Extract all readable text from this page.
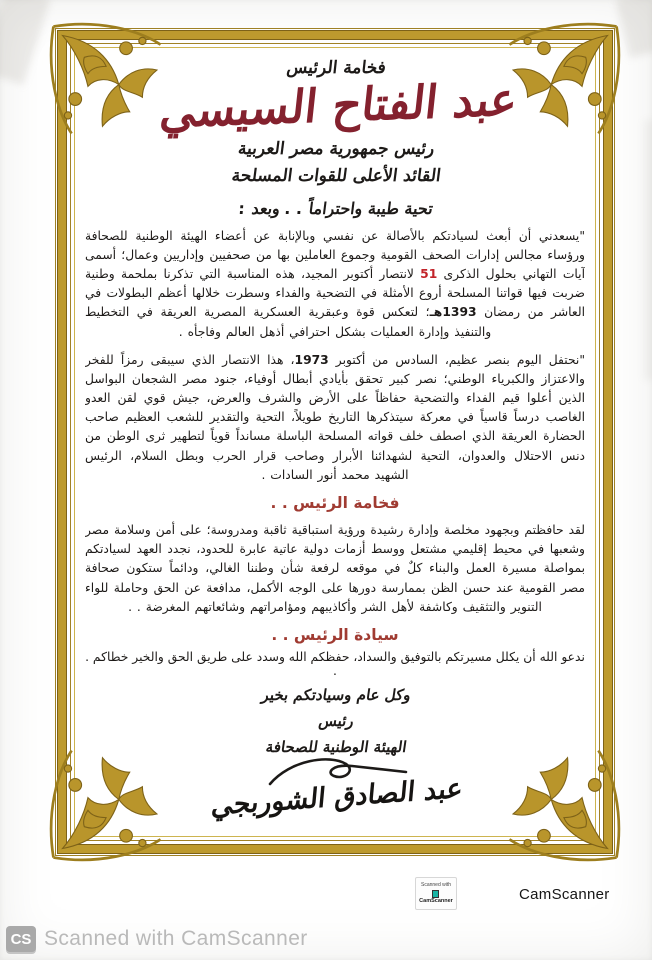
فخامة الرئيس
عبد الفتاح السيسي
رئيس جمهورية مصر العربية
القائد الأعلى للقوات المسلحة
تحية طيبة واحتراماً . . وبعد :

"يسعدني أن أبعث لسيادتكم بالأصالة عن نفسي وبالإنابة عن أعضاء الهيئة الوطنية للصحافة ورؤساء مجالس إدارات الصحف القومية وجموع العاملين بها من صحفيين وإداريين وعمال؛ أسمى آيات التهاني بحلول الذكرى 51 لانتصار أكتوبر المجيد، هذه المناسبة التي تذكرنا بملحمة وطنية ضربت فيها قواتنا المسلحة أروع الأمثلة في التضحية والفداء وسطرت خلالها أعظم البطولات في العاشر من رمضان 1393هـ؛ لتعكس قوة وعبقرية العسكرية المصرية العريقة في التخطيط والتنفيذ وإدارة العمليات بشكل احترافي أذهل العالم وفاجأه .

"نحتفل اليوم بنصر عظيم، السادس من أكتوبر 1973، هذا الانتصار الذي سيبقى رمزاً للفخر والاعتزاز والكبرياء الوطني؛ نصر كبير تحقق بأيادي أبطال أوفياء، جنود مصر الشجعان البواسل الذين أعلوا قيم الفداء والتضحية حفاظاً على الأرض والشرف والعرض، جيش قوي لقن العدو الغاصب درساً قاسياً في معركة سيتذكرها التاريخ طويلاً، التحية والتقدير للشعب العظيم صاحب الحضارة العريقة الذي اصطف خلف قواته المسلحة الباسلة مسانداً قوياً لتطهير ثرى الوطن من دنس الاحتلال والعدوان، التحية لشهدائنا الأبرار وصاحب قرار الحرب وبطل السلام، الرئيس الشهيد محمد أنور السادات .

فخامة الرئيس . .

لقد حافظتم وبجهود مخلصة وإدارة رشيدة ورؤية استباقية ثاقبة ومدروسة؛ على أمن وسلامة مصر وشعبها في محيط إقليمي مشتعل ووسط أزمات دولية عاتية عابرة للحدود، نجدد العهد لسيادتكم بمواصلة مسيرة العمل والبناء كلٌ في موقعه لرفعة شأن وطننا الغالي، ودائماً ستكون صحافة مصر القومية عند حسن الظن بممارسة دورها على الوجه الأكمل، مدافعة عن الحق وحاملة للواء التنوير والتثقيف وكاشفة لأهل الشر وأكاذيبهم ومؤامراتهم وشائعاتهم المغرضة . .

سيادة الرئيس . .
ندعو الله أن يكلل مسيرتكم بالتوفيق والسداد، حفظكم الله وسدد على طريق الحق والخير خطاكم . .
وكل عام وسيادتكم بخير
رئيس
الهيئة الوطنية للصحافة
عبد الصادق الشوربجي
Scanned with
CamScanner	CamScanner
CS Scanned with CamScanner
